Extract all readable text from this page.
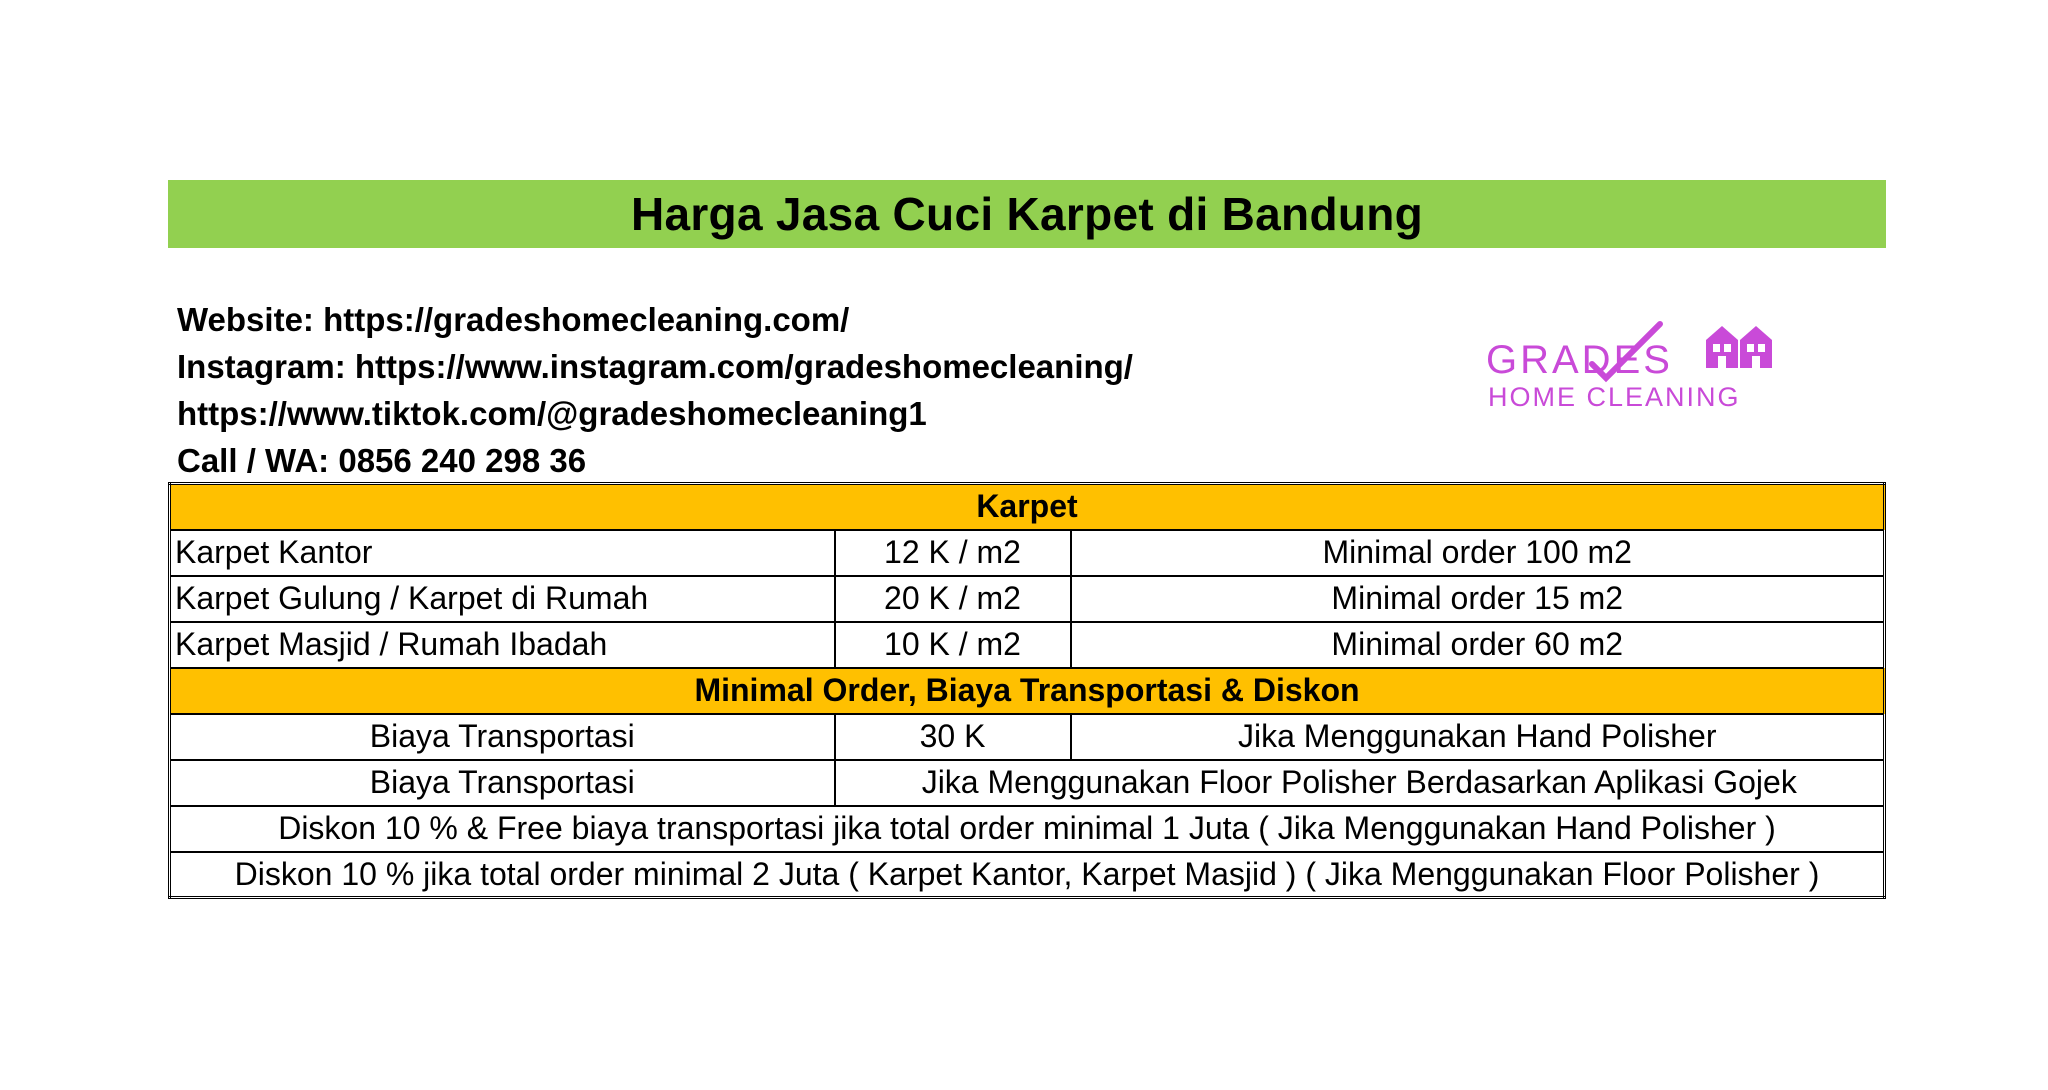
Harga Jasa Cuci Karpet di Bandung
Website: https://gradeshomecleaning.com/
Instagram: https://www.instagram.com/gradeshomecleaning/
https://www.tiktok.com/@gradeshomecleaning1
Call / WA: 0856 240 298 36
GRADES
HOME CLEANING
Karpet		
Karpet Kantor	12 K / m2	Minimal order 100 m2
Karpet Gulung / Karpet di Rumah	20 K / m2	Minimal order 15 m2
Karpet Masjid / Rumah Ibadah	10 K / m2	Minimal order 60 m2
Minimal Order, Biaya Transportasi & Diskon		
Biaya Transportasi	30 K	Jika Menggunakan Hand Polisher
Biaya Transportasi	Jika Menggunakan Floor Polisher Berdasarkan Aplikasi Gojek	
Diskon 10 % & Free biaya transportasi jika total order minimal 1 Juta ( Jika Menggunakan Hand Polisher )		
Diskon 10 % jika total order minimal 2 Juta ( Karpet Kantor, Karpet Masjid ) ( Jika Menggunakan Floor Polisher )		
